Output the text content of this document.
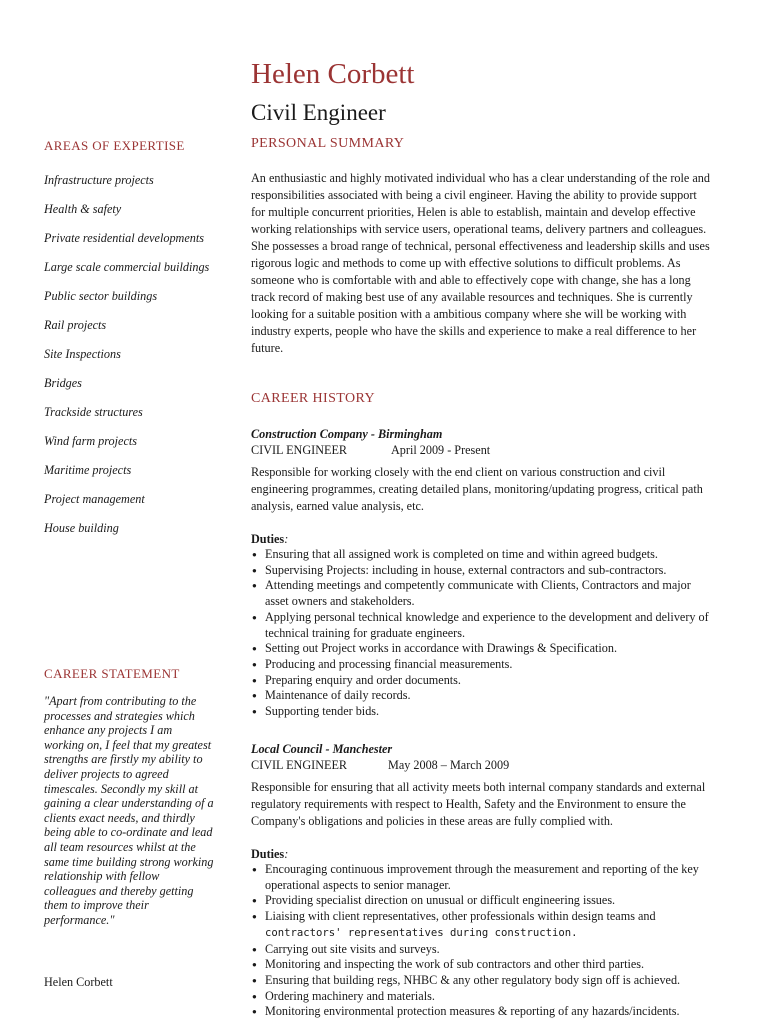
AREAS OF EXPERTISE
Infrastructure projects
Health & safety
Private residential developments
Large scale commercial buildings
Public sector buildings
Rail projects
Site Inspections
Bridges
Trackside structures
Wind farm projects
Maritime projects
Project management
House building
CAREER STATEMENT

"Apart from contributing to the processes and strategies which enhance any projects I am working on, I feel that my greatest strengths are firstly my ability to deliver projects to agreed timescales. Secondly my skill at gaining a clear understanding of a clients exact needs, and thirdly being able to co-ordinate and lead all team resources whilst at the same time building strong working relationship with fellow colleagues and thereby getting them to improve their performance."

Helen Corbett
Helen Corbett
Civil Engineer
PERSONAL SUMMARY

An enthusiastic and highly motivated individual who has a clear understanding of the role and responsibilities associated with being a civil engineer. Having the ability to provide support for multiple concurrent priorities, Helen is able to establish, maintain and develop effective working relationships with service users, operational teams, delivery partners and colleagues. She possesses a broad range of technical, personal effectiveness and leadership skills and uses rigorous logic and methods to come up with effective solutions to difficult problems. As someone who is comfortable with and able to effectively cope with change, she has a long track record of making best use of any available resources and techniques. She is currently looking for a suitable position with a ambitious company where she will be working with industry experts, people who have the skills and experience to make a real difference to her future.

CAREER HISTORY
Construction Company - Birmingham
CIVIL ENGINEER	April 2009 - Present

Responsible for working closely with the end client on various construction and civil engineering programmes, creating detailed plans, monitoring/updating progress, critical path analysis, earned value analysis, etc.

Duties:
● Ensuring that all assigned work is completed on time and within agreed budgets.
● Supervising Projects: including in house, external contractors and sub-contractors.
● Attending meetings and competently communicate with Clients, Contractors and major asset owners and stakeholders.
● Applying personal technical knowledge and experience to the development and delivery of technical training for graduate engineers.
● Setting out Project works in accordance with Drawings & Specification.
● Producing and processing financial measurements.
● Preparing enquiry and order documents.
● Maintenance of daily records.
● Supporting tender bids.
Local Council - Manchester
CIVIL ENGINEER	May 2008 – March 2009

Responsible for ensuring that all activity meets both internal company standards and external regulatory requirements with respect to Health, Safety and the Environment to ensure the Company's obligations and policies in these areas are fully complied with.

Duties:
● Encouraging continuous improvement through the measurement and reporting of the key operational aspects to senior manager.
● Providing specialist direction on unusual or difficult engineering issues.
● Liaising with client representatives, other professionals within design teams and
contractors' representatives during construction.
● Carrying out site visits and surveys.
● Monitoring and inspecting the work of sub contractors and other third parties.
● Ensuring that building regs, NHBC & any other regulatory body sign off is achieved.
● Ordering machinery and materials.
● Monitoring environmental protection measures & reporting of any hazards/incidents.
